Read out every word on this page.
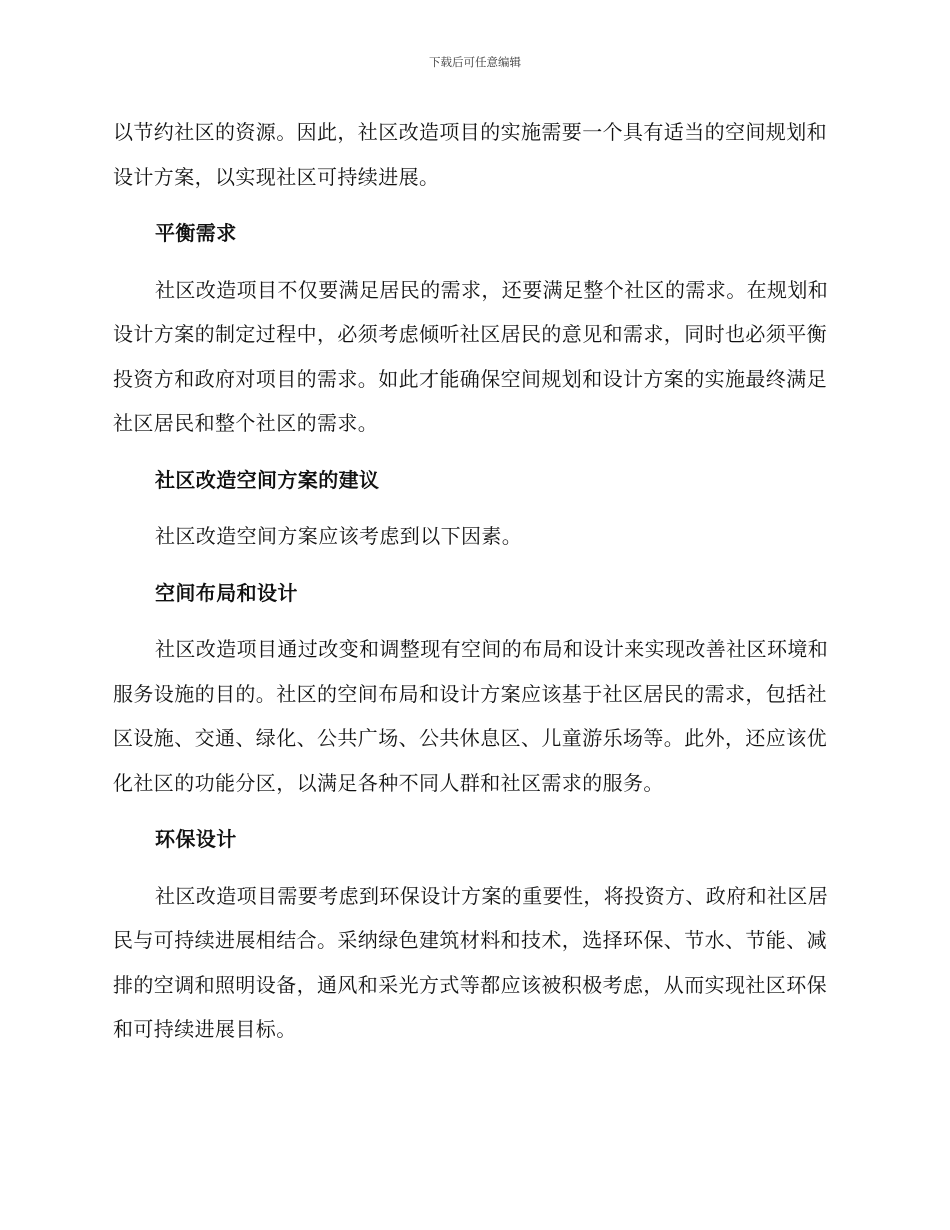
下载后可任意编辑

以节约社区的资源。因此，社区改造项目的实施需要一个具有适当的空间规划和设计方案，以实现社区可持续进展。

平衡需求

社区改造项目不仅要满足居民的需求，还要满足整个社区的需求。在规划和设计方案的制定过程中，必须考虑倾听社区居民的意见和需求，同时也必须平衡投资方和政府对项目的需求。如此才能确保空间规划和设计方案的实施最终满足社区居民和整个社区的需求。

社区改造空间方案的建议

社区改造空间方案应该考虑到以下因素。

空间布局和设计

社区改造项目通过改变和调整现有空间的布局和设计来实现改善社区环境和服务设施的目的。社区的空间布局和设计方案应该基于社区居民的需求，包括社区设施、交通、绿化、公共广场、公共休息区、儿童游乐场等。此外，还应该优化社区的功能分区，以满足各种不同人群和社区需求的服务。

环保设计

社区改造项目需要考虑到环保设计方案的重要性，将投资方、政府和社区居民与可持续进展相结合。采纳绿色建筑材料和技术，选择环保、节水、节能、减排的空调和照明设备，通风和采光方式等都应该被积极考虑，从而实现社区环保和可持续进展目标。
